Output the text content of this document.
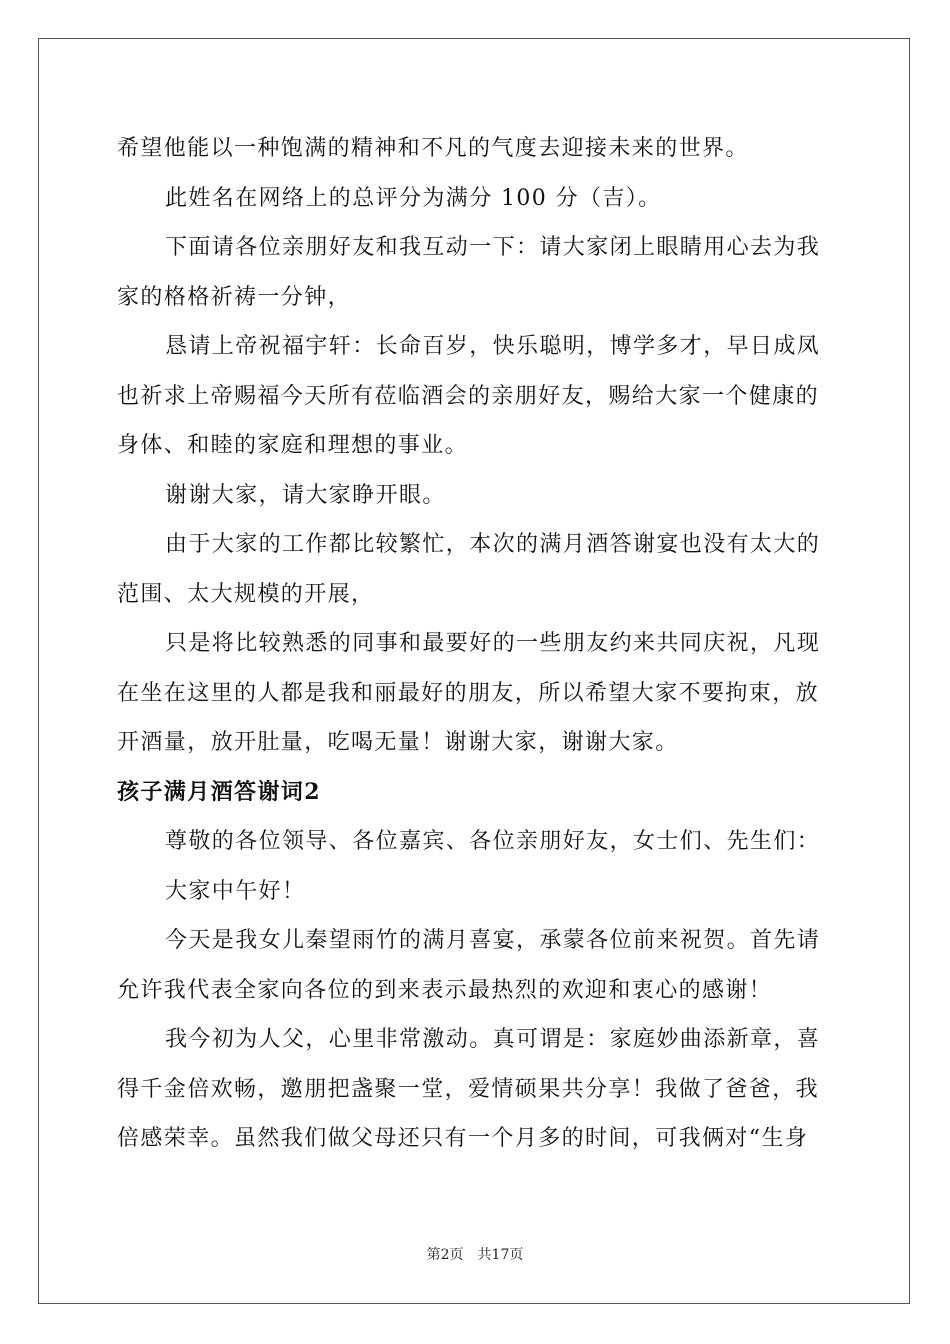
希望他能以一种饱满的精神和不凡的气度去迎接未来的世界。

此姓名在网络上的总评分为满分 100 分（吉）。

下面请各位亲朋好友和我互动一下：请大家闭上眼睛用心去为我
家的格格祈祷一分钟，

恳请上帝祝福宇轩：长命百岁，快乐聪明，博学多才，早日成凤
也祈求上帝赐福今天所有莅临酒会的亲朋好友，赐给大家一个健康的
身体、和睦的家庭和理想的事业。

谢谢大家，请大家睁开眼。

由于大家的工作都比较繁忙，本次的满月酒答谢宴也没有太大的
范围、太大规模的开展，

只是将比较熟悉的同事和最要好的一些朋友约来共同庆祝，凡现
在坐在这里的人都是我和丽最好的朋友，所以希望大家不要拘束，放
开酒量，放开肚量，吃喝无量！谢谢大家，谢谢大家。

孩子满月酒答谢词2

尊敬的各位领导、各位嘉宾、各位亲朋好友，女士们、先生们：

大家中午好！

今天是我女儿秦望雨竹的满月喜宴，承蒙各位前来祝贺。首先请
允许我代表全家向各位的到来表示最热烈的欢迎和衷心的感谢！

我今初为人父，心里非常激动。真可谓是：家庭妙曲添新章，喜
得千金倍欢畅，邀朋把盏聚一堂，爱情硕果共分享！我做了爸爸，我
倍感荣幸。虽然我们做父母还只有一个月多的时间，可我俩对“生身

第2页 共17页
